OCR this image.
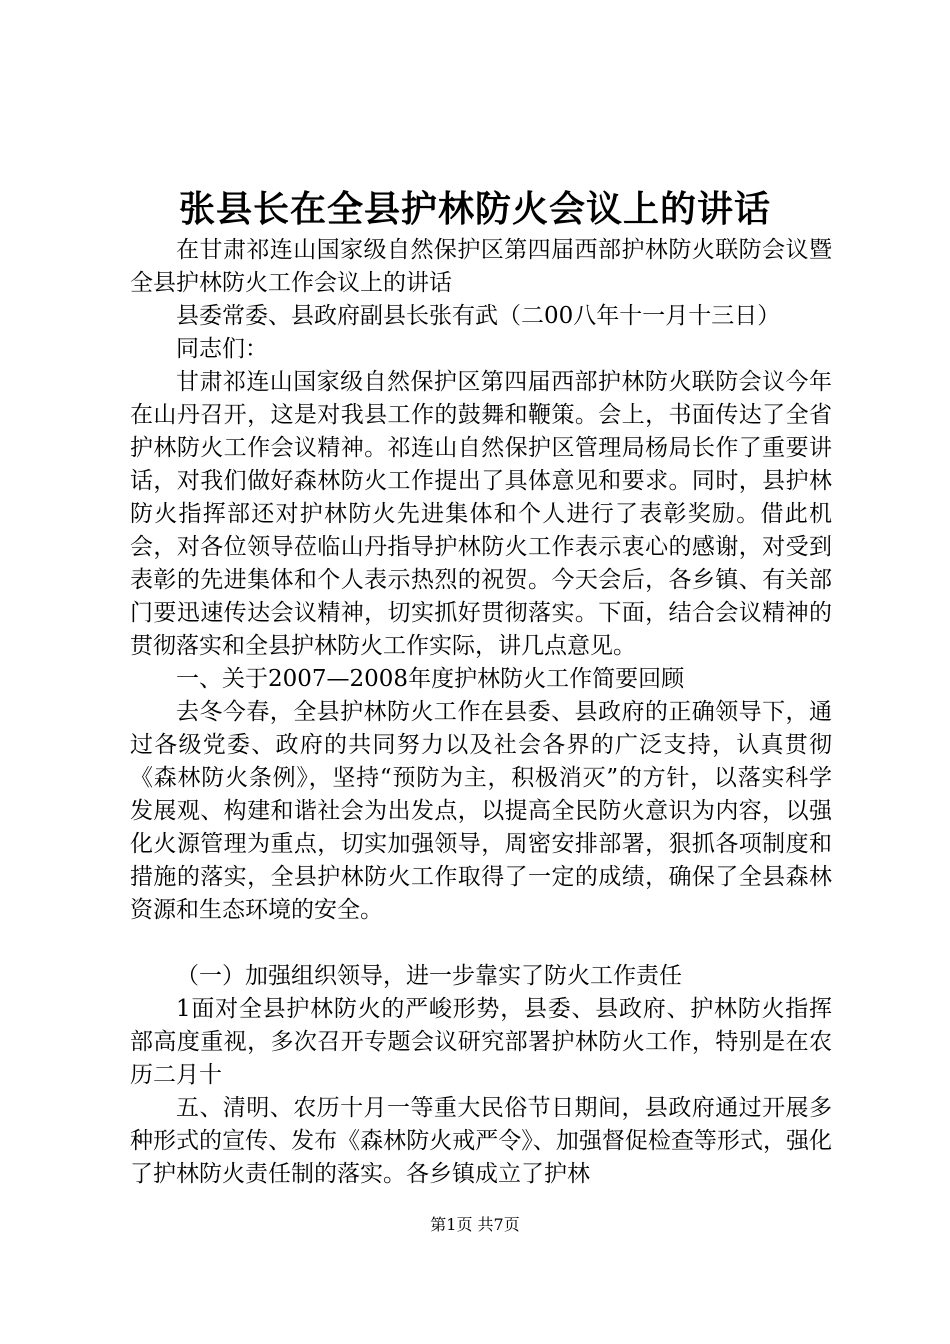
张县长在全县护林防火会议上的讲话

在甘肃祁连山国家级自然保护区第四届西部护林防火联防会议暨全县护林防火工作会议上的讲话

县委常委、县政府副县长张有武（二00八年十一月十三日）

同志们：

甘肃祁连山国家级自然保护区第四届西部护林防火联防会议今年在山丹召开，这是对我县工作的鼓舞和鞭策。会上，书面传达了全省护林防火工作会议精神。祁连山自然保护区管理局杨局长作了重要讲话，对我们做好森林防火工作提出了具体意见和要求。同时，县护林防火指挥部还对护林防火先进集体和个人进行了表彰奖励。借此机会，对各位领导莅临山丹指导护林防火工作表示衷心的感谢，对受到表彰的先进集体和个人表示热烈的祝贺。今天会后，各乡镇、有关部门要迅速传达会议精神，切实抓好贯彻落实。下面，结合会议精神的贯彻落实和全县护林防火工作实际，讲几点意见。

一、关于2007—2008年度护林防火工作简要回顾

去冬今春，全县护林防火工作在县委、县政府的正确领导下，通过各级党委、政府的共同努力以及社会各界的广泛支持，认真贯彻《森林防火条例》，坚持“预防为主，积极消灭”的方针，以落实科学发展观、构建和谐社会为出发点，以提高全民防火意识为内容，以强化火源管理为重点，切实加强领导，周密安排部署，狠抓各项制度和措施的落实，全县护林防火工作取得了一定的成绩，确保了全县森林资源和生态环境的安全。

（一）加强组织领导，进一步靠实了防火工作责任

1面对全县护林防火的严峻形势，县委、县政府、护林防火指挥部高度重视，多次召开专题会议研究部署护林防火工作，特别是在农历二月十

五、清明、农历十月一等重大民俗节日期间，县政府通过开展多种形式的宣传、发布《森林防火戒严令》、加强督促检查等形式，强化了护林防火责任制的落实。各乡镇成立了护林

第1页 共7页
